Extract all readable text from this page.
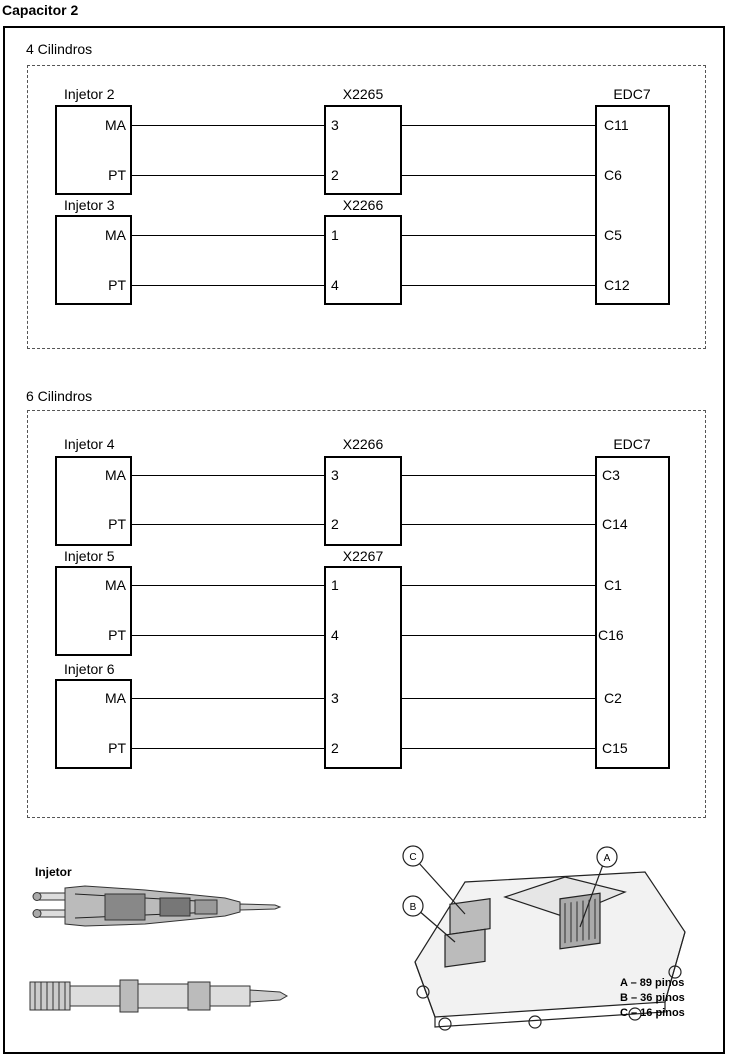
Capacitor 2
4 Cilindros
Injetor 2
MA
PT
Injetor 3
MA
PT
X2265
3
2
X2266
1
4
EDC7
C11
C6
C5
C12
6 Cilindros
Injetor 4
MA
PT
Injetor 5
MA
PT
Injetor 6
MA
PT
X2266
3
2
X2267
1
4
3
2
EDC7
C3
C14
C1
C16
C2
C15
Injetor
C
B
A
A – 89 pinos
B – 36 pinos
C – 16 pinos
